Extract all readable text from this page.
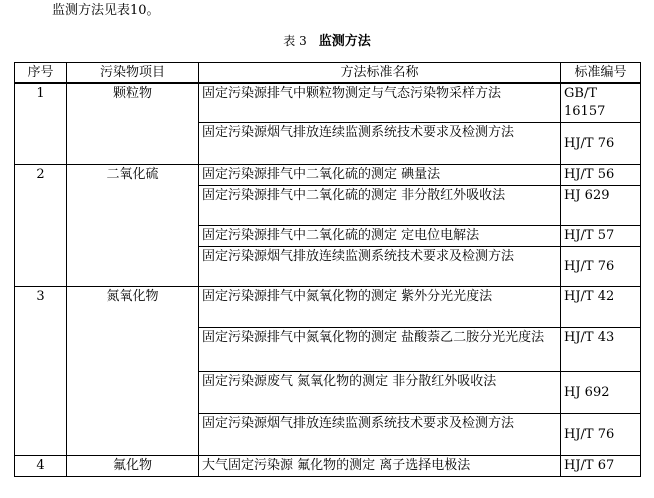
监测方法见表10。
表 3 监测方法
序号	污染物项目	方法标准名称	标准编号
1	颗粒物	固定污染源排气中颗粒物测定与气态污染物采样方法	GB/T 16157
		固定污染源烟气排放连续监测系统技术要求及检测方法	HJ/T 76
2	二氧化硫	固定污染源排气中二氧化硫的测定 碘量法	HJ/T 56
		固定污染源排气中二氧化硫的测定 非分散红外吸收法	HJ 629
		固定污染源排气中二氧化硫的测定 定电位电解法	HJ/T 57
		固定污染源烟气排放连续监测系统技术要求及检测方法	HJ/T 76
3	氮氧化物	固定污染源排气中氮氧化物的测定 紫外分光光度法	HJ/T 42
		固定污染源排气中氮氧化物的测定 盐酸萘乙二胺分光光度法	HJ/T 43
		固定污染源废气 氮氧化物的测定 非分散红外吸收法	HJ 692
		固定污染源烟气排放连续监测系统技术要求及检测方法	HJ/T 76
4	氟化物	大气固定污染源 氟化物的测定 离子选择电极法	HJ/T 67
